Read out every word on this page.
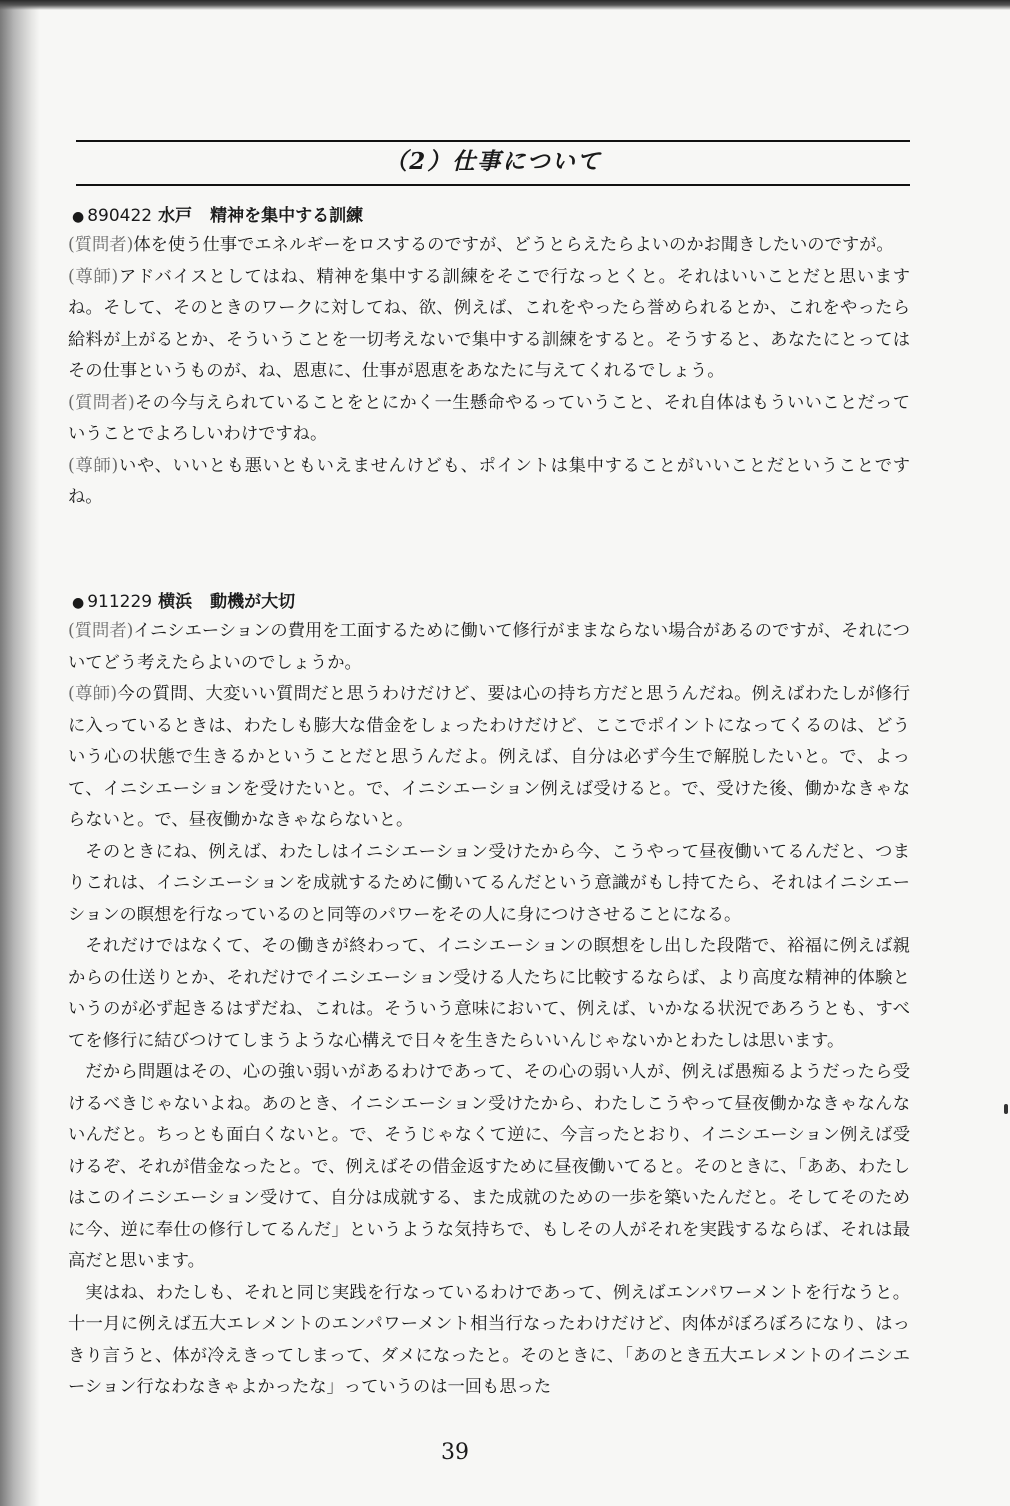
（2）仕事について
● 890422 水戸 精神を集中する訓練

(質問者)体を使う仕事でエネルギーをロスするのですが、どうとらえたらよいのかお聞きしたいのですが。

(尊師)アドバイスとしてはね、精神を集中する訓練をそこで行なっとくと。それはいいことだと思いますね。そして、そのときのワークに対してね、欲、例えば、これをやったら誉められるとか、これをやったら給料が上がるとか、そういうことを一切考えないで集中する訓練をすると。そうすると、あなたにとってはその仕事というものが、ね、恩恵に、仕事が恩恵をあなたに与えてくれるでしょう。

(質問者)その今与えられていることをとにかく一生懸命やるっていうこと、それ自体はもういいことだっていうことでよろしいわけですね。

(尊師)いや、いいとも悪いともいえませんけども、ポイントは集中することがいいことだということですね。

● 911229 横浜 動機が大切

(質問者)イニシエーションの費用を工面するために働いて修行がままならない場合があるのですが、それについてどう考えたらよいのでしょうか。

(尊師)今の質問、大変いい質問だと思うわけだけど、要は心の持ち方だと思うんだね。例えばわたしが修行に入っているときは、わたしも膨大な借金をしょったわけだけど、ここでポイントになってくるのは、どういう心の状態で生きるかということだと思うんだよ。例えば、自分は必ず今生で解脱したいと。で、よって、イニシエーションを受けたいと。で、イニシエーション例えば受けると。で、受けた後、働かなきゃならないと。で、昼夜働かなきゃならないと。

そのときにね、例えば、わたしはイニシエーション受けたから今、こうやって昼夜働いてるんだと、つまりこれは、イニシエーションを成就するために働いてるんだという意識がもし持てたら、それはイニシエーションの瞑想を行なっているのと同等のパワーをその人に身につけさせることになる。

それだけではなくて、その働きが終わって、イニシエーションの瞑想をし出した段階で、裕福に例えば親からの仕送りとか、それだけでイニシエーション受ける人たちに比較するならば、より高度な精神的体験というのが必ず起きるはずだね、これは。そういう意味において、例えば、いかなる状況であろうとも、すべてを修行に結びつけてしまうような心構えで日々を生きたらいいんじゃないかとわたしは思います。

だから問題はその、心の強い弱いがあるわけであって、その心の弱い人が、例えば愚痴るようだったら受けるべきじゃないよね。あのとき、イニシエーション受けたから、わたしこうやって昼夜働かなきゃなんないんだと。ちっとも面白くないと。で、そうじゃなくて逆に、今言ったとおり、イニシエーション例えば受けるぞ、それが借金なったと。で、例えばその借金返すために昼夜働いてると。そのときに、「ああ、わたしはこのイニシエーション受けて、自分は成就する、また成就のための一歩を築いたんだと。そしてそのために今、逆に奉仕の修行してるんだ」というような気持ちで、もしその人がそれを実践するならば、それは最高だと思います。

実はね、わたしも、それと同じ実践を行なっているわけであって、例えばエンパワーメントを行なうと。十一月に例えば五大エレメントのエンパワーメント相当行なったわけだけど、肉体がぼろぼろになり、はっきり言うと、体が冷えきってしまって、ダメになったと。そのときに、「あのとき五大エレメントのイニシエーション行なわなきゃよかったな」っていうのは一回も思った

39
